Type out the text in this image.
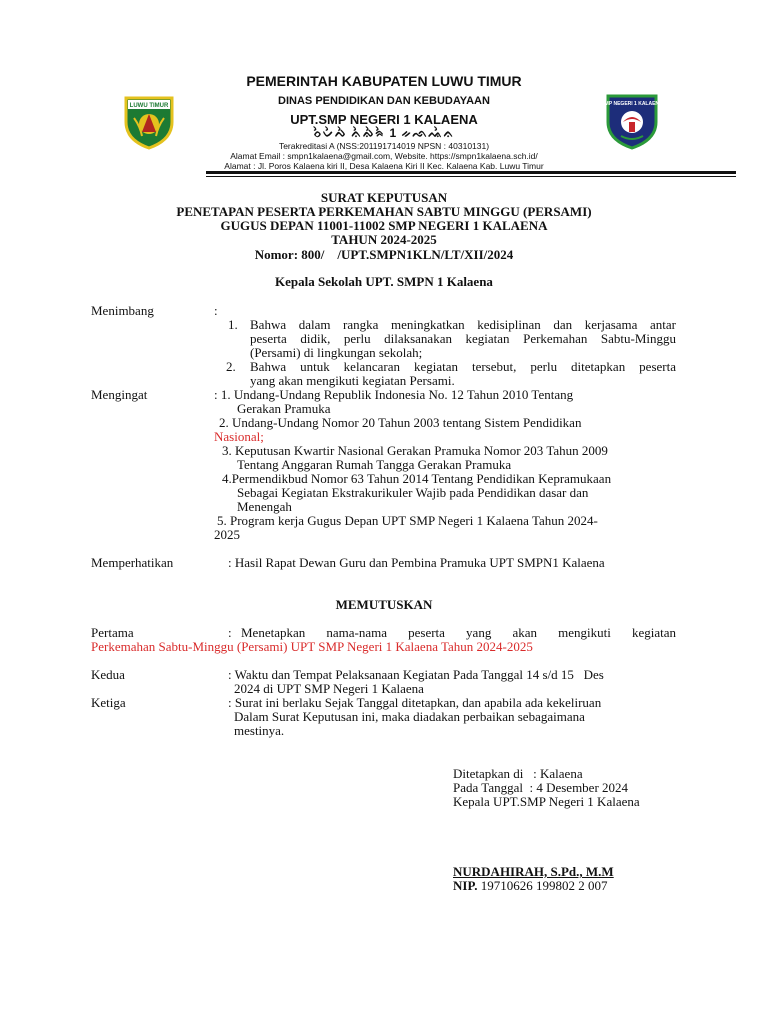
LUWU TIMUR	SMP NEGERI 1 KALAENA
PEMERINTAH KABUPATEN LUWU TIMUR
DINAS PENDIDIKAN DAN KEBUDAYAAN
UPT.SMP NEGERI 1 KALAENA
ᨔᨛᨆᨛᨄᨛ ᨊᨛᨁᨛᨑᨛ 1 ᨀᨒᨕᨛᨊ
Terakreditasi A (NSS:201191714019 NPSN : 40310131)
Alamat Email : smpn1kalaena@gmail.com, Website. https://smpn1kalaena.sch.id/
Alamat : Jl. Poros Kalaena kiri II, Desa Kalaena Kiri II Kec. Kalaena Kab. Luwu Timur
SURAT KEPUTUSAN
PENETAPAN PESERTA PERKEMAHAN SABTU MINGGU (PERSAMI)
GUGUS DEPAN 11001-11002 SMP NEGERI 1 KALAENA
TAHUN 2024-2025
Nomor: 800/    /UPT.SMPN1KLN/LT/XII/2024
Kepala Sekolah UPT. SMPN 1 Kalaena
Menimbang	:
1. Bahwa dalam rangka meningkatkan kedisiplinan dan kerjasama antar
peserta didik, perlu dilaksanakan kegiatan Perkemahan Sabtu-Minggu
(Persami) di lingkungan sekolah;
2. Bahwa untuk kelancaran kegiatan tersebut, perlu ditetapkan peserta
yang akan mengikuti kegiatan Persami.
Mengingat	: 1. Undang-Undang Republik Indonesia No. 12 Tahun 2010 Tentang
Gerakan Pramuka
2. Undang-Undang Nomor 20 Tahun 2003 tentang Sistem Pendidikan
Nasional;
3. Keputusan Kwartir Nasional Gerakan Pramuka Nomor 203 Tahun 2009
Tentang Anggaran Rumah Tangga Gerakan Pramuka
4.Permendikbud Nomor 63 Tahun 2014 Tentang Pendidikan Kepramukaan
Sebagai Kegiatan Ekstrakurikuler Wajib pada Pendidikan dasar dan
Menengah
5. Program kerja Gugus Depan UPT SMP Negeri 1 Kalaena Tahun 2024-
2025
Memperhatikan	: Hasil Rapat Dewan Guru dan Pembina Pramuka UPT SMPN1 Kalaena
MEMUTUSKAN
Pertama	: Menetapkan nama-nama peserta yang akan mengikuti kegiatan
Perkemahan Sabtu-Minggu (Persami) UPT SMP Negeri 1 Kalaena Tahun 2024-2025
Kedua	: Waktu dan Tempat Pelaksanaan Kegiatan Pada Tanggal 14 s/d 15   Des
2024 di UPT SMP Negeri 1 Kalaena
Ketiga	: Surat ini berlaku Sejak Tanggal ditetapkan, dan apabila ada kekeliruan
Dalam Surat Keputusan ini, maka diadakan perbaikan sebagaimana
mestinya.
Ditetapkan di   : Kalaena
Pada Tanggal  : 4 Desember 2024
Kepala UPT.SMP Negeri 1 Kalaena
NURDAHIRAH, S.Pd., M.M
NIP. 19710626 199802 2 007
